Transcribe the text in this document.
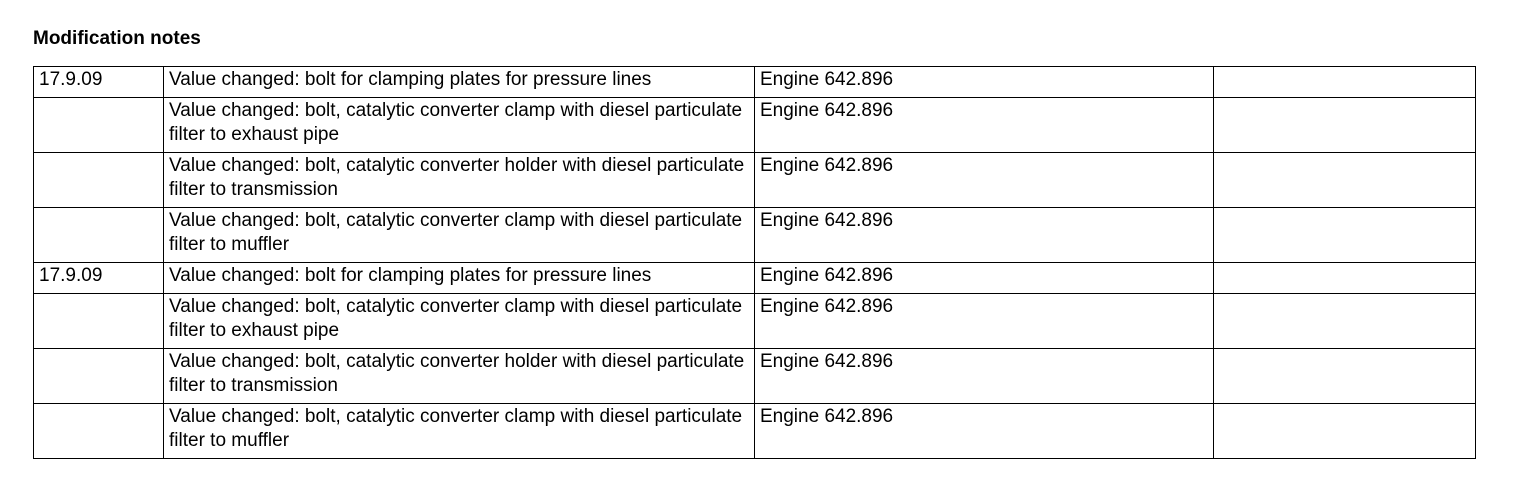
Modification notes
17.9.09	Value changed: bolt for clamping plates for pressure lines	Engine 642.896	
	Value changed: bolt, catalytic converter clamp with diesel particulate filter to exhaust pipe	Engine 642.896	
	Value changed: bolt, catalytic converter holder with diesel particulate filter to transmission	Engine 642.896	
	Value changed: bolt, catalytic converter clamp with diesel particulate filter to muffler	Engine 642.896	
17.9.09	Value changed: bolt for clamping plates for pressure lines	Engine 642.896	
	Value changed: bolt, catalytic converter clamp with diesel particulate filter to exhaust pipe	Engine 642.896	
	Value changed: bolt, catalytic converter holder with diesel particulate filter to transmission	Engine 642.896	
	Value changed: bolt, catalytic converter clamp with diesel particulate filter to muffler	Engine 642.896	
